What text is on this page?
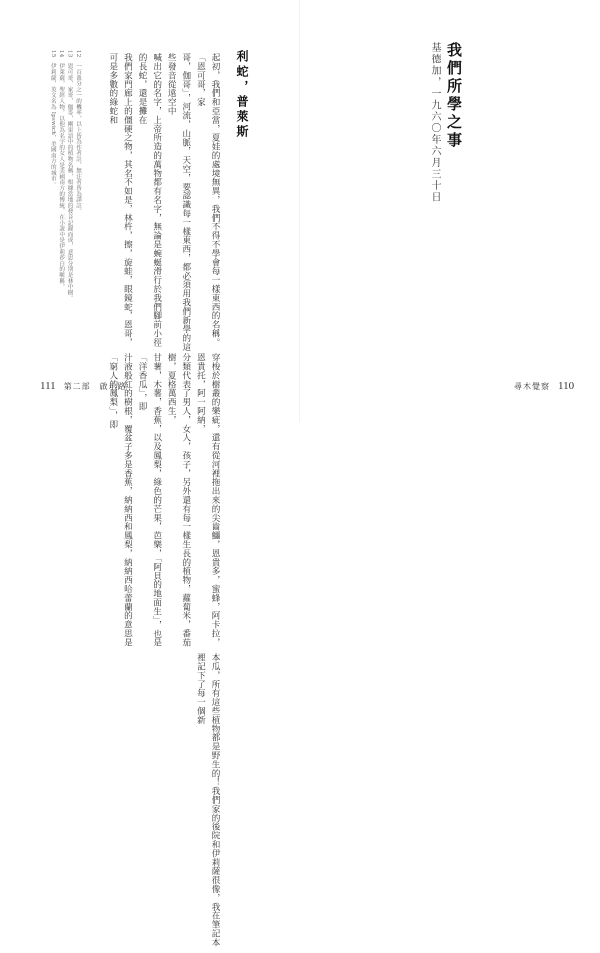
我們所學之事
基德加，一九六〇年六月三十日
利蛇，普萊斯
起初，我們和亞當，夏娃的處境無異，我們不得不學會每一樣東西的名稱。「恩可哥，家
哥，伽哥」，河流，山脈，天空，要認識每一樣東西，都必須用我們新學的這些發音從遠空中
喊出它的名字，上帝所造的萬物都有名字，無論是蜿蜒滑行於我們腳前小徑的長蛇，還是攤在
我們家門廊上的僵硬之物，其名不如是，林杵，擦，旋蛙，眼鏡蛇，恩哥，可是多數的綠蛇和
穿梭於樹叢的樂疵，還有從河裡拖出來的尖齒鱷，恩貴多，蜜蜂，阿卡拉，恩貴托，阿一阿納，
分類代表了男人，女人，孩子，另外還有每一樣生長的植物，蘿蔔米，番茄樹，夏格萬西生，
甘薯，木薯，香蕉，以及鳳梨，綠色的芒果，芭樂，「阿貝的地面生」，也是「洋香瓜」，即
汁液般紅的樹根，覆盆子多是香蕉，納納西和鳳梨，納納西哈蕾蘭的意思是「窮人的鳳梨」，即
本瓜，所有這些植物都是野生的！我們家的後院和伊莉薩很像，我在筆記本裡記下了每一個新
12　一百萬分之一的機率，以上皆為作者註，無注者皆為譯註。
13　恩可哥，家哥，伽哥，剛果語中的植物名稱，根據當地的發音記錄而成，意思分別是林中樹。
14　伊萊薩，聖經人物，以他為名字的女人是美國南方的傳統，在小說中是伊莉莎白的暱稱。
15　伊莉薩，英文名為 Ipswich，美國南方的城市。
111 第二部　啟示路	尋木覺察 110
